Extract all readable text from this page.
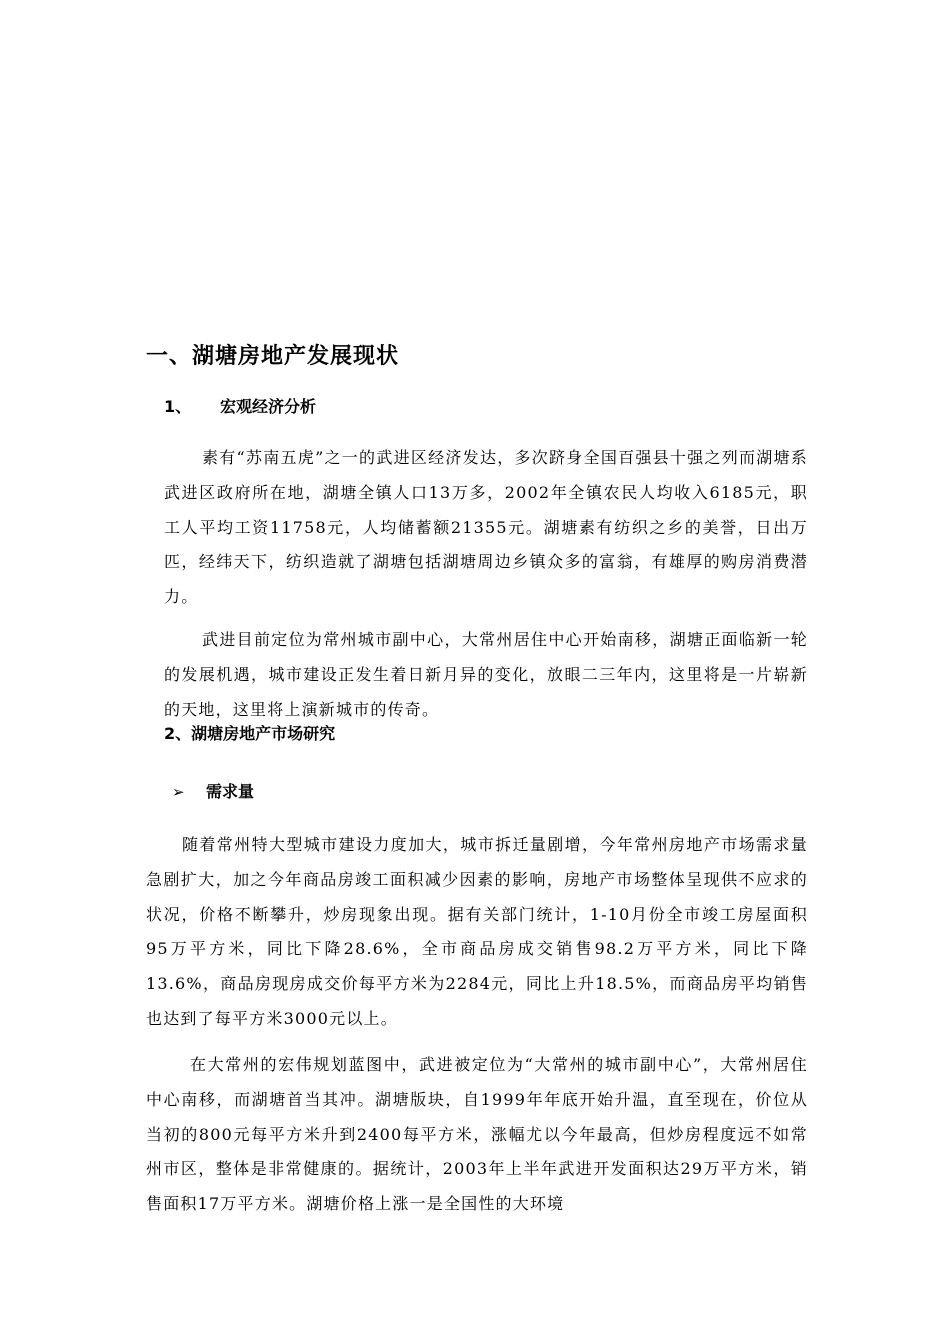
一、湖塘房地产发展现状
1、 宏观经济分析

素有“苏南五虎”之一的武进区经济发达，多次跻身全国百强县十强之列而湖塘系武进区政府所在地，湖塘全镇人口13万多，2002年全镇农民人均收入6185元，职工人平均工资11758元，人均储蓄额21355元。湖塘素有纺织之乡的美誉，日出万匹，经纬天下，纺织造就了湖塘包括湖塘周边乡镇众多的富翁，有雄厚的购房消费潜力。

武进目前定位为常州城市副中心，大常州居住中心开始南移，湖塘正面临新一轮的发展机遇，城市建设正发生着日新月异的变化，放眼二三年内，这里将是一片崭新的天地，这里将上演新城市的传奇。

2、湖塘房地产市场研究
➢ 需求量

随着常州特大型城市建设力度加大，城市拆迁量剧增，今年常州房地产市场需求量急剧扩大，加之今年商品房竣工面积减少因素的影响，房地产市场整体呈现供不应求的状况，价格不断攀升，炒房现象出现。据有关部门统计，1-10月份全市竣工房屋面积95万平方米，同比下降28.6%，全市商品房成交销售98.2万平方米，同比下降13.6%，商品房现房成交价每平方米为2284元，同比上升18.5%，而商品房平均销售也达到了每平方米3000元以上。

在大常州的宏伟规划蓝图中，武进被定位为“大常州的城市副中心”，大常州居住中心南移，而湖塘首当其冲。湖塘版块，自1999年年底开始升温，直至现在，价位从当初的800元每平方米升到2400每平方米，涨幅尤以今年最高，但炒房程度远不如常州市区，整体是非常健康的。据统计，2003年上半年武进开发面积达29万平方米，销售面积17万平方米。湖塘价格上涨一是全国性的大环境
